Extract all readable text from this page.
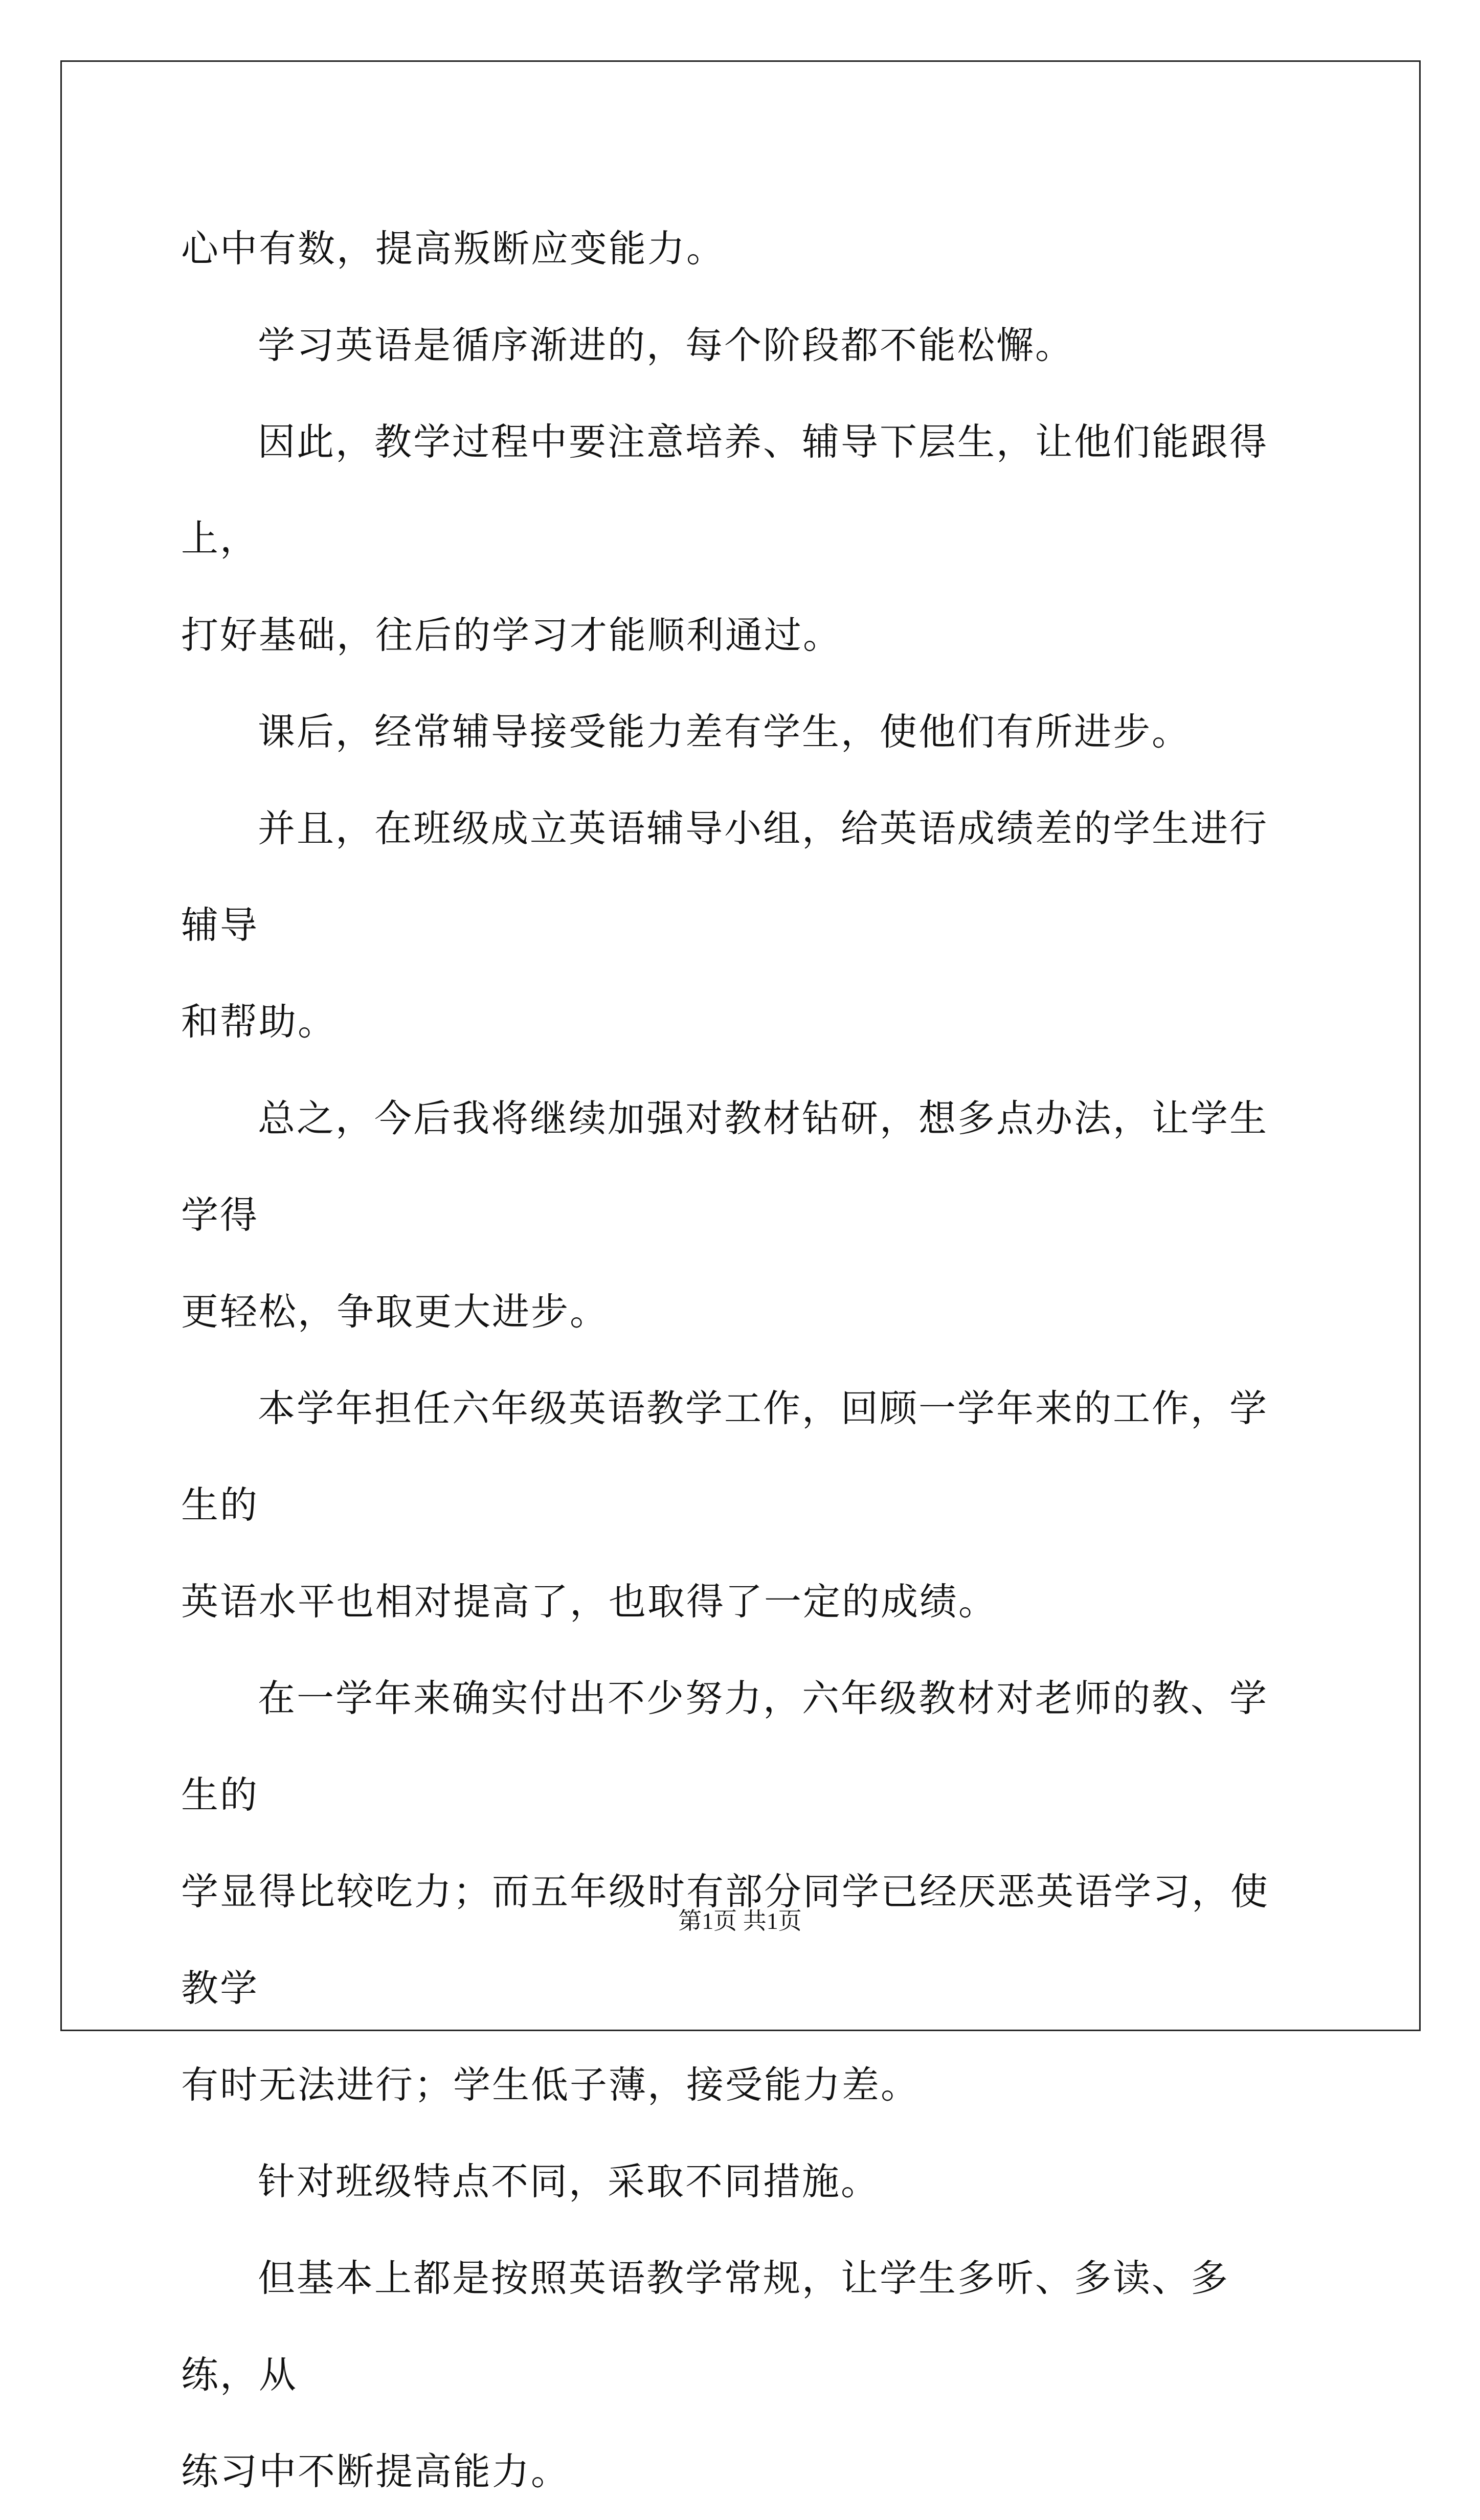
心中有数，提高叛断应变能力。

学习英语是循序渐进的，每个阶段都不能松懈。

因此，教学过程中要注意培养、辅导下层生，让他们能跟得上，

打好基础，往后的学习才能顺利通过。

课后，经常辅导接受能力差有学生，使他们有所进步。

并且，在班级成立英语辅导小组，给英语成绩差的学生进行辅导

和帮助。

总之，今后我将继续加强对教材钻研，想多点办法，让学生学得

更轻松，争取更大进步。

本学年担任六年级英语教学工作，回顾一学年来的工作，学生的

英语水平也相对提高了，也取得了一定的成绩。

在一学年来确实付出不少努力，六年级教材对老师的教、学生的

学显得比较吃力；而五年级时有部分同学已经厌恶英语学习，使教学

有时无法进行；学生低子薄，接受能力差。

针对班级特点不同，采取不同措施。

但基本上都是按照英语教学常规，让学生多听、多读、多练，从

练习中不断提高能力。

第1页 共1页
